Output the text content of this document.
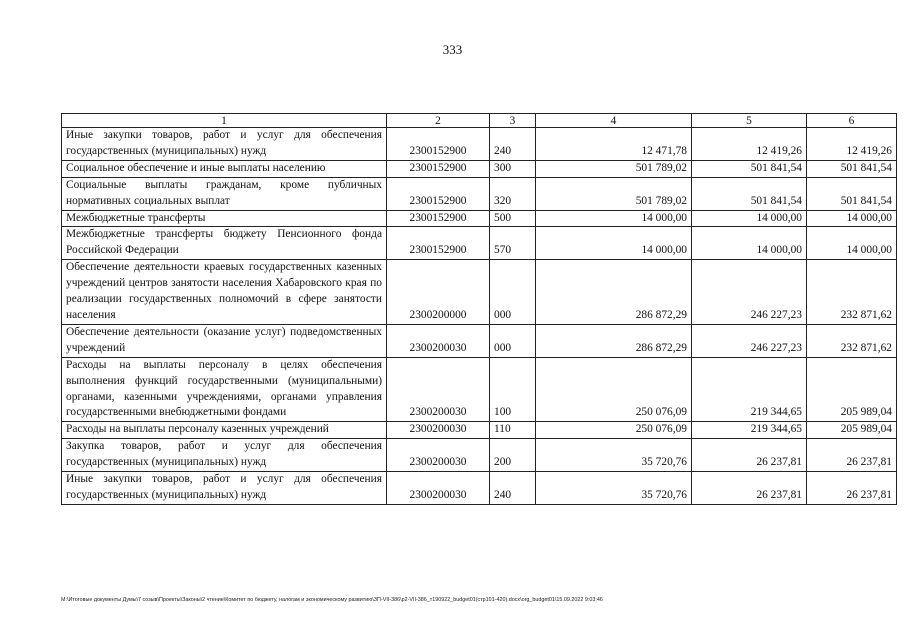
333
1	2	3	4	5	6
Иные закупки товаров, работ и услуг для обеспечения государственных (муниципальных) нужд	2300152900	240	12 471,78	12 419,26	12 419,26
Социальное обеспечение и иные выплаты населению	2300152900	300	501 789,02	501 841,54	501 841,54
Социальные выплаты гражданам, кроме публичных нормативных социальных выплат	2300152900	320	501 789,02	501 841,54	501 841,54
Межбюджетные трансферты	2300152900	500	14 000,00	14 000,00	14 000,00
Межбюджетные трансферты бюджету Пенсионного фонда Российской Федерации	2300152900	570	14 000,00	14 000,00	14 000,00
Обеспечение деятельности краевых государственных казенных учреждений центров занятости населения Хабаровского края по реализации государственных полномочий в сфере занятости населения	2300200000	000	286 872,29	246 227,23	232 871,62
Обеспечение деятельности (оказание услуг) подведомственных учреждений	2300200030	000	286 872,29	246 227,23	232 871,62
Расходы на выплаты персоналу в целях обеспечения выполнения функций государственными (муниципальными) органами, казенными учреждениями, органами управления государственными внебюджетными фондами	2300200030	100	250 076,09	219 344,65	205 989,04
Расходы на выплаты персоналу казенных учреждений	2300200030	110	250 076,09	219 344,65	205 989,04
Закупка товаров, работ и услуг для обеспечения государственных (муниципальных) нужд	2300200030	200	35 720,76	26 237,81	26 237,81
Иные закупки товаров, работ и услуг для обеспечения государственных (муниципальных) нужд	2300200030	240	35 720,76	26 237,81	26 237,81
М:\Итоговые документы Думы\7 созыв\Проекты\Законы\2 чтение\Комитет по бюджету, налогам и экономическому развитию\ЗП-VII-386\р2-VII-386_т190922_budget01(стр101-420).docx\org_budget01\15.09.2022 9:03:46
